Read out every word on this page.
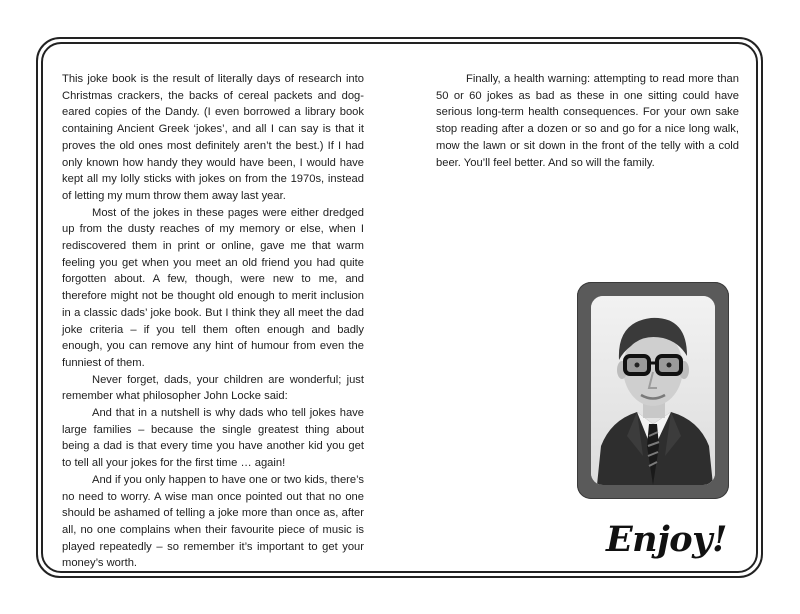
This joke book is the result of literally days of research into Christmas crackers, the backs of cereal packets and dog-eared copies of the Dandy. (I even borrowed a library book containing Ancient Greek ‘jokes’, and all I can say is that it proves the old ones most definitely aren’t the best.) If I had only known how handy they would have been, I would have kept all my lolly sticks with jokes on from the 1970s, instead of letting my mum throw them away last year.

Most of the jokes in these pages were either dredged up from the dusty reaches of my memory or else, when I rediscovered them in print or online, gave me that warm feeling you get when you meet an old friend you had quite forgotten about. A few, though, were new to me, and therefore might not be thought old enough to merit inclusion in a classic dads’ joke book. But I think they all meet the dad joke criteria – if you tell them often enough and badly enough, you can remove any hint of humour from even the funniest of them.

Never forget, dads, your children are wonderful; just remember what philosopher John Locke said:

And that in a nutshell is why dads who tell jokes have large families – because the single greatest thing about being a dad is that every time you have another kid you get to tell all your jokes for the first time … again!

And if you only happen to have one or two kids, there’s no need to worry. A wise man once pointed out that no one should be ashamed of telling a joke more than once as, after all, no one complains when their favourite piece of music is played repeatedly – so remember it’s important to get your money’s worth.

Finally, a health warning: attempting to read more than 50 or 60 jokes as bad as these in one sitting could have serious long-term health consequences. For your own sake stop reading after a dozen or so and go for a nice long walk, mow the lawn or sit down in the front of the telly with a cold beer. You’ll feel better. And so will the family.

Enjoy!
